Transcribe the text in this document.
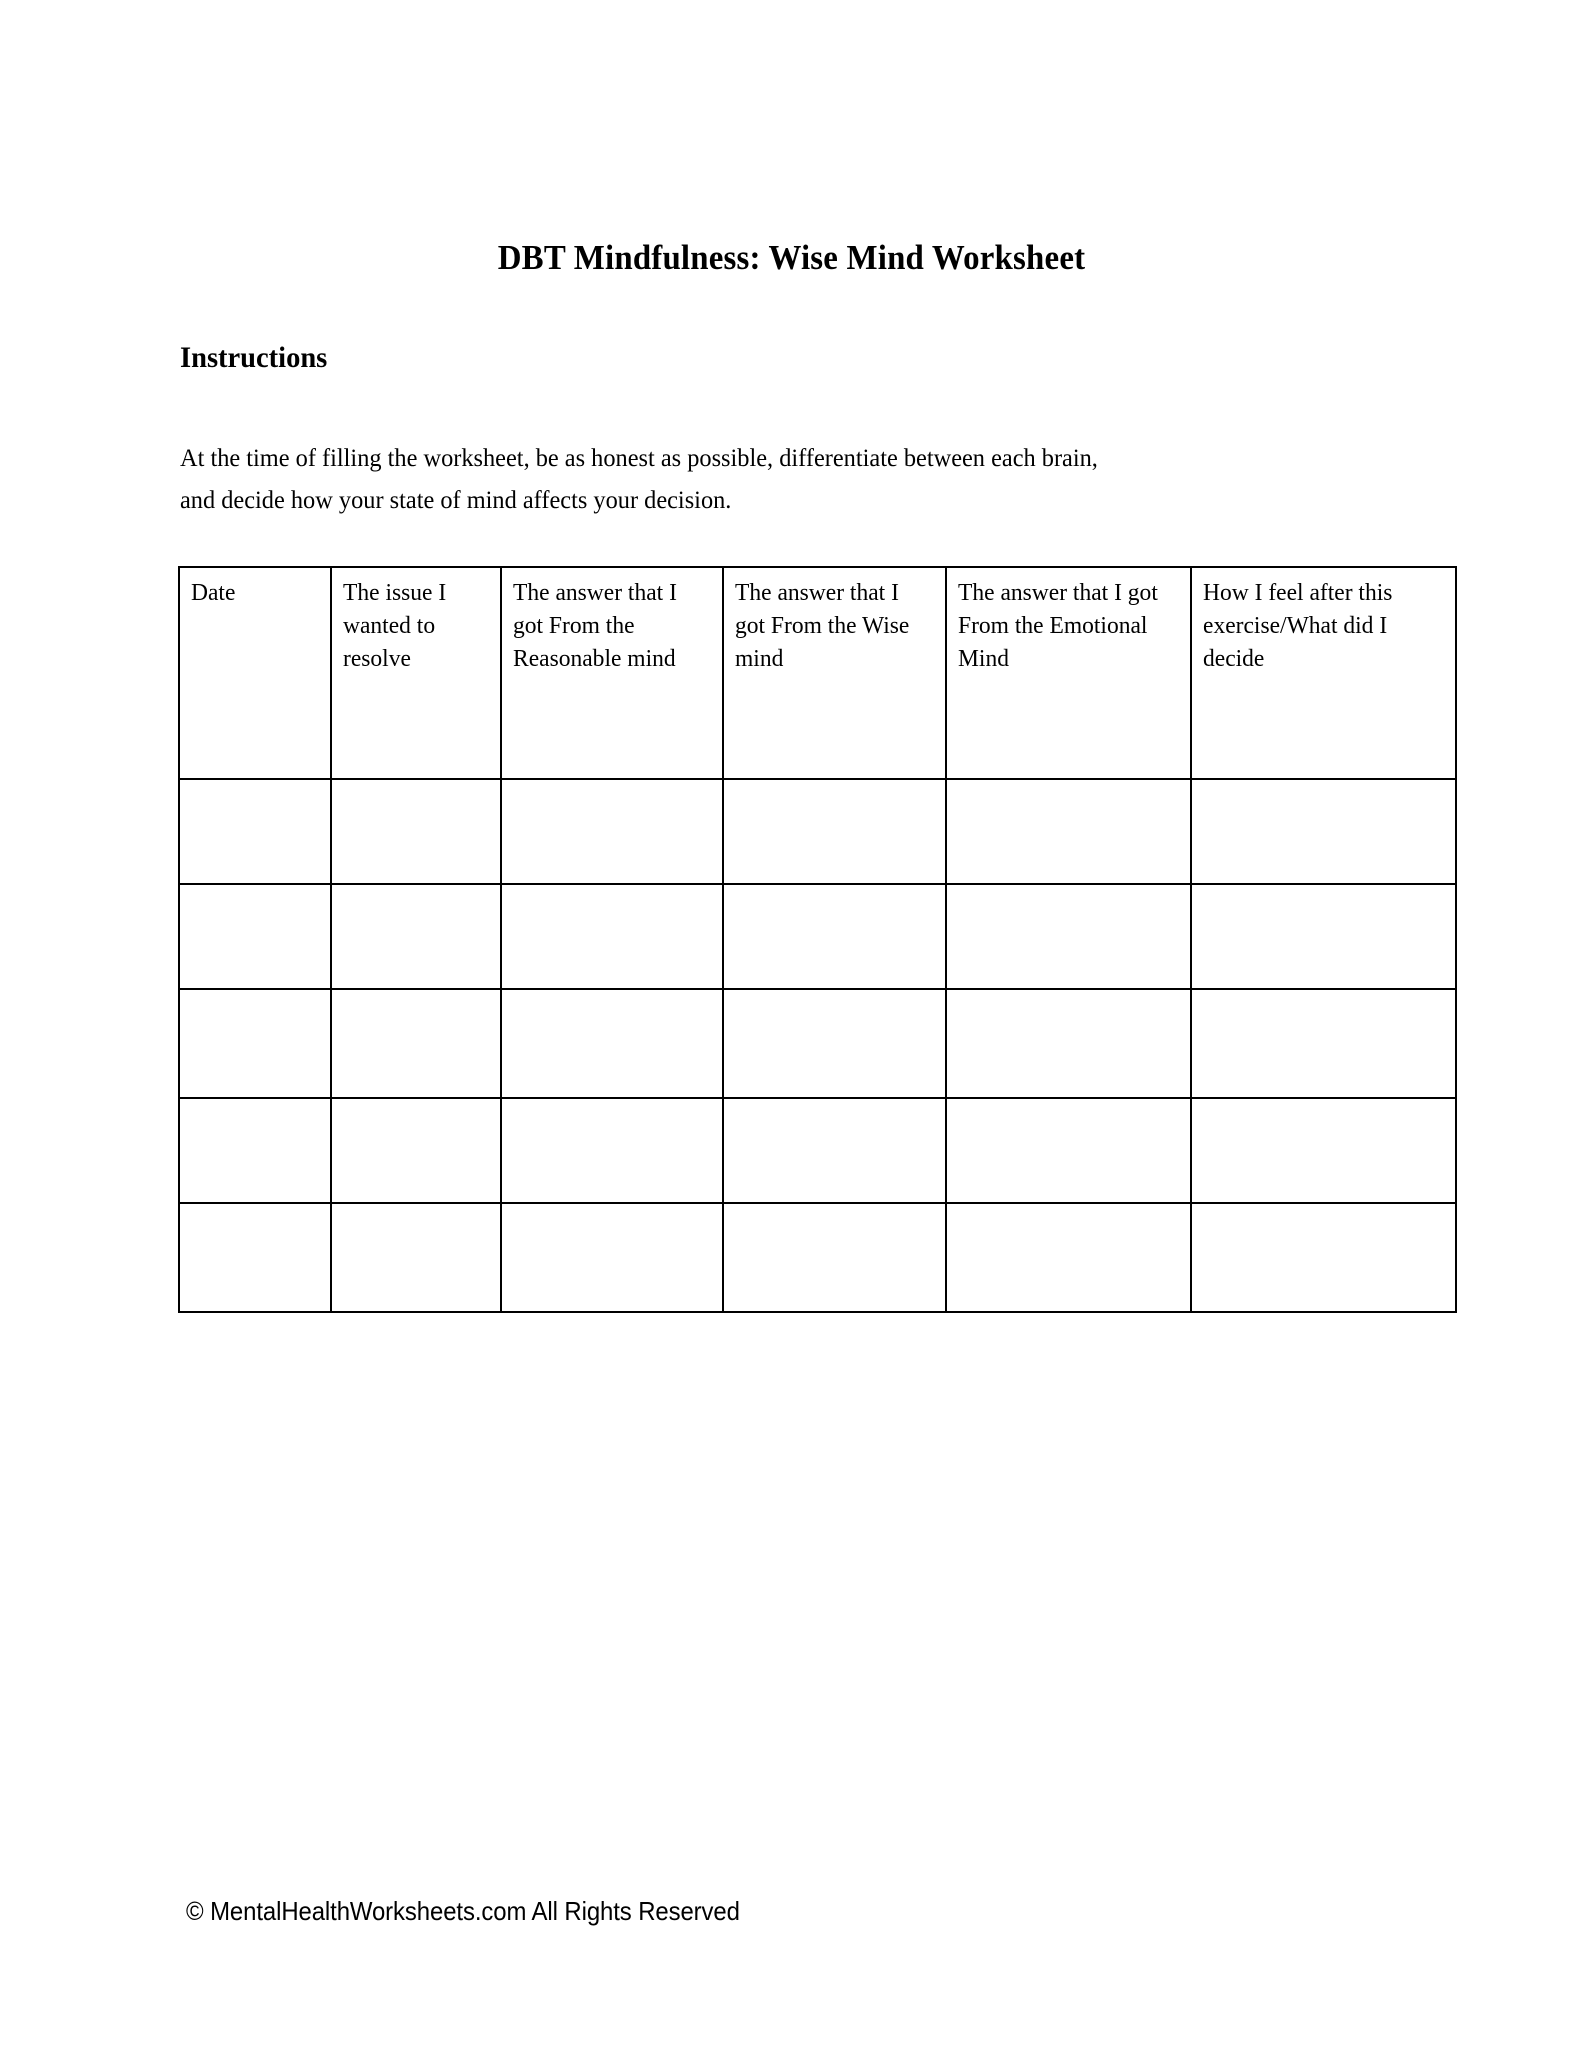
DBT Mindfulness: Wise Mind Worksheet
Instructions
At the time of filling the worksheet, be as honest as possible, differentiate between each brain,
and decide how your state of mind affects your decision.
Date	The issue I wanted to resolve	The answer that I got From the Reasonable mind	The answer that I got From the Wise mind	The answer that I got From the Emotional Mind	How I feel after this exercise/What did I decide

© MentalHealthWorksheets.com All Rights Reserved
